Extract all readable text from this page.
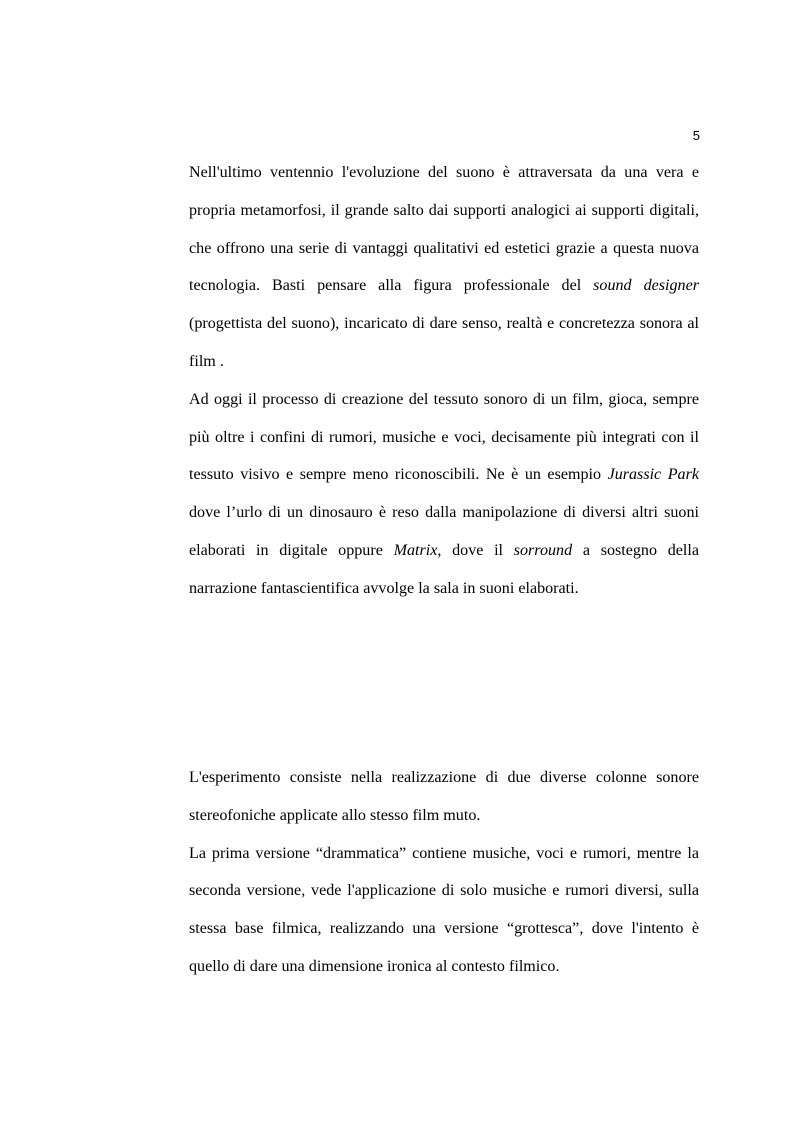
5

Nell'ultimo ventennio l'evoluzione del suono è attraversata da una vera e propria metamorfosi, il grande salto dai supporti analogici ai supporti digitali, che offrono una serie di vantaggi qualitativi ed estetici grazie a questa nuova tecnologia. Basti pensare alla figura professionale del sound designer (progettista del suono), incaricato di dare senso, realtà e concretezza sonora al film .

Ad oggi il processo di creazione del tessuto sonoro di un film, gioca, sempre più oltre i confini di rumori, musiche e voci, decisamente più integrati con il tessuto visivo e sempre meno riconoscibili. Ne è un esempio Jurassic Park dove l’urlo di un dinosauro è reso dalla manipolazione di diversi altri suoni elaborati in digitale oppure Matrix, dove il sorround a sostegno della narrazione fantascientifica avvolge la sala in suoni elaborati.

L'esperimento consiste nella realizzazione di due diverse colonne sonore stereofoniche applicate allo stesso film muto.

La prima versione “drammatica” contiene musiche, voci e rumori, mentre la seconda versione, vede l'applicazione di solo musiche e rumori diversi, sulla stessa base filmica, realizzando una versione “grottesca”, dove l'intento è quello di dare una dimensione ironica al contesto filmico.
